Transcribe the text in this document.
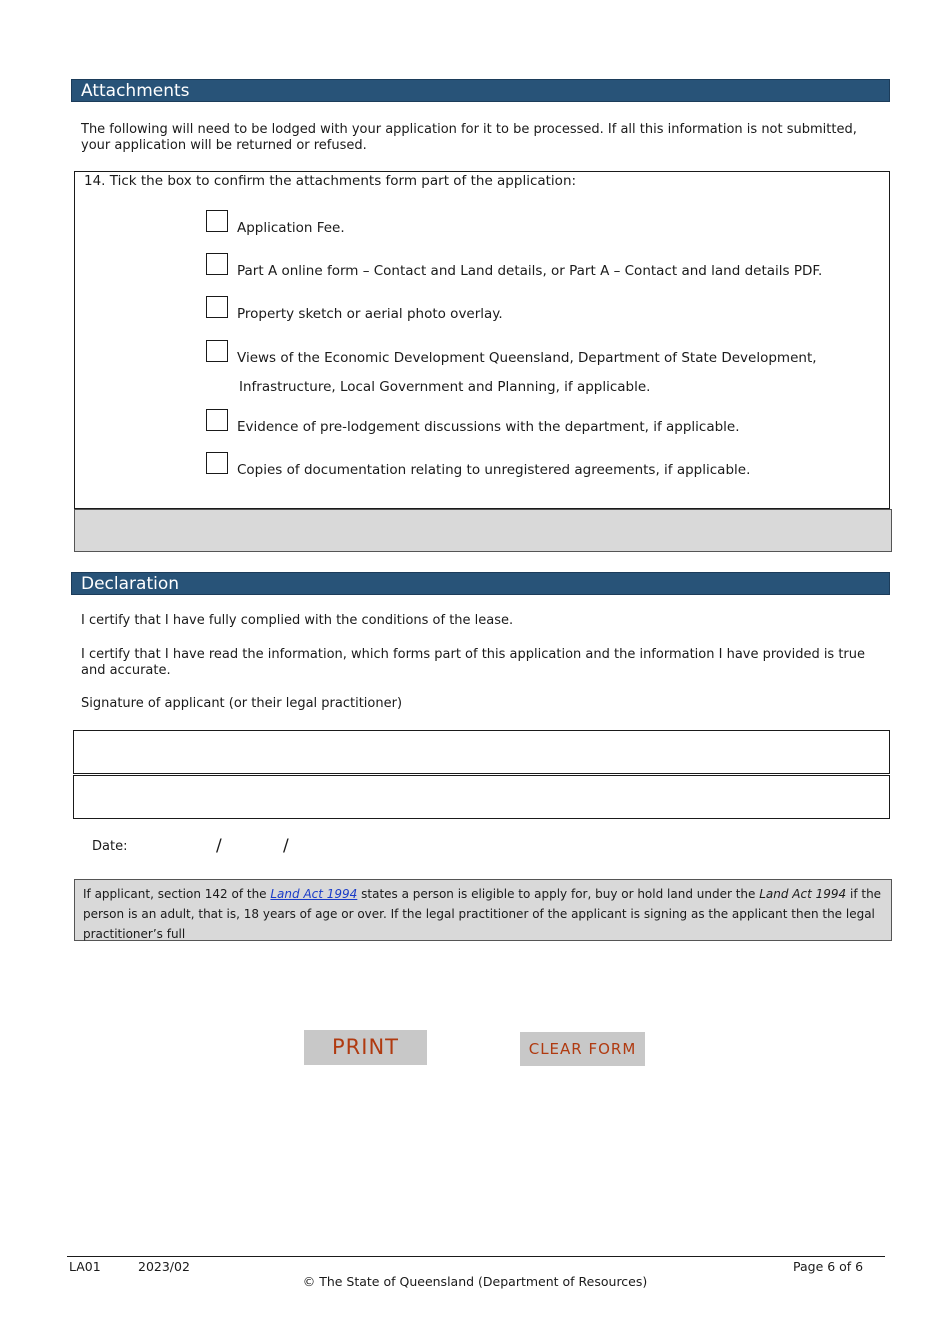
Attachments
The following will need to be lodged with your application for it to be processed. If all this information is not submitted, your application will be returned or refused.
14. Tick the box to confirm the attachments form part of the application:
Application Fee.
Part A online form – Contact and Land details, or Part A – Contact and land details PDF.
Property sketch or aerial photo overlay.
Views of the Economic Development Queensland, Department of State Development,
Infrastructure, Local Government and Planning, if applicable.
Evidence of pre-lodgement discussions with the department, if applicable.
Copies of documentation relating to unregistered agreements, if applicable.
Declaration
I certify that I have fully complied with the conditions of the lease.
I certify that I have read the information, which forms part of this application and the information I have provided is true and accurate.
Signature of applicant (or their legal practitioner)
Date:	/	/
If applicant, section 142 of the Land Act 1994 states a person is eligible to apply for, buy or hold land under the Land Act 1994 if the person is an adult, that is, 18 years of age or over. If the legal practitioner of the applicant is signing as the applicant then the legal practitioner’s full
PRINT	CLEAR FORM
LA01	2023/02	Page 6 of 6
© The State of Queensland (Department of Resources)
